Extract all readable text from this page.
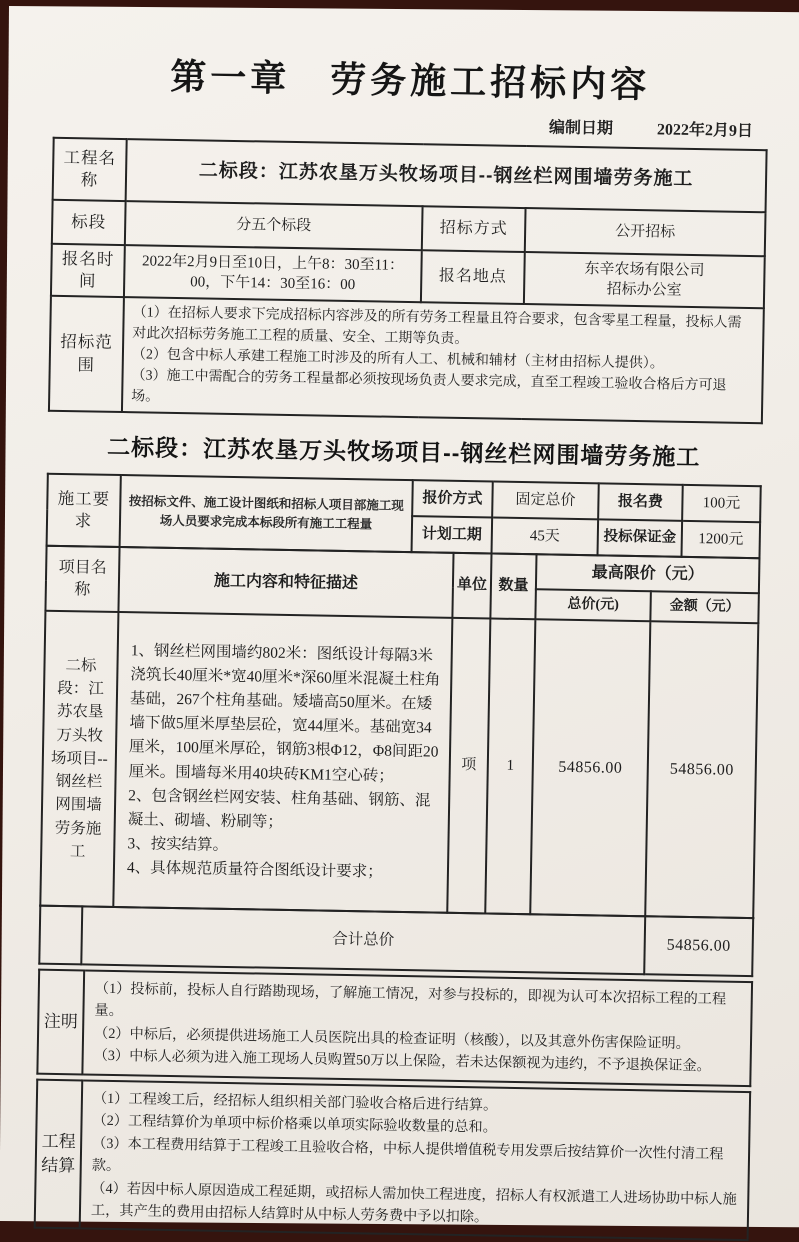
第一章　劳务施工招标内容
编制日期	2022年2月9日
工程名称	二标段：江苏农垦万头牧场项目--钢丝栏网围墙劳务施工		
标段	分五个标段	招标方式	公开招标
报名时间	2022年2月9日至10日，上午8：30至11：00，下午14：30至16：00	报名地点	东辛农场有限公司
招标办公室

招标范围	（1）在招标人要求下完成招标内容涉及的所有劳务工程量且符合要求，包含零星工程量，投标人需对此次招标劳务施工工程的质量、安全、工期等负责。
（2）包含中标人承建工程施工时涉及的所有人工、机械和辅材（主材由招标人提供）。
（3）施工中需配合的劳务工程量都必须按现场负责人要求完成，直至工程竣工验收合格后方可退场。		
二标段：江苏农垦万头牧场项目--钢丝栏网围墙劳务施工
施工要求	按招标文件、施工设计图纸和招标人项目部施工现场人员要求完成本标段所有施工工程量	报价方式	固定总价	报名费	100元
		计划工期	45天	投标保证金	1200元
项目名称	施工内容和特征描述	单位	数量	最高限价（元）	
				总价(元)	金额（元）
二标段：江苏农垦万头牧场项目--钢丝栏网围墙劳务施工	1、钢丝栏网围墙约802米：图纸设计每隔3米浇筑长40厘米*宽40厘米*深60厘米混凝土柱角基础，267个柱角基础。矮墙高50厘米。在矮墙下做5厘米厚垫层砼，宽44厘米。基础宽34厘米，100厘米厚砼，钢筋3根Φ12，Φ8间距20厘米。围墙每米用40块砖KM1空心砖；
2、包含钢丝栏网安装、柱角基础、钢筋、混凝土、砌墙、粉刷等；
3、按实结算。
4、具体规范质量符合图纸设计要求；	项	1	54856.00	54856.00
	合计总价	54856.00
注明	
（1）投标前，投标人自行踏勘现场，了解施工情况，对参与投标的，即视为认可本次招标工程的工程量。
（2）中标后，必须提供进场施工人员医院出具的检查证明（核酸），以及其意外伤害保险证明。
（3）中标人必须为进入施工现场人员购置50万以上保险，若未达保额视为违约，不予退换保证金。
工程结算	
（1）工程竣工后，经招标人组织相关部门验收合格后进行结算。
（2）工程结算价为单项中标价格乘以单项实际验收数量的总和。
（3）本工程费用结算于工程竣工且验收合格，中标人提供增值税专用发票后按结算价一次性付清工程款。
（4）若因中标人原因造成工程延期，或招标人需加快工程进度，招标人有权派遣工人进场协助中标人施工，其产生的费用由招标人结算时从中标人劳务费中予以扣除。
